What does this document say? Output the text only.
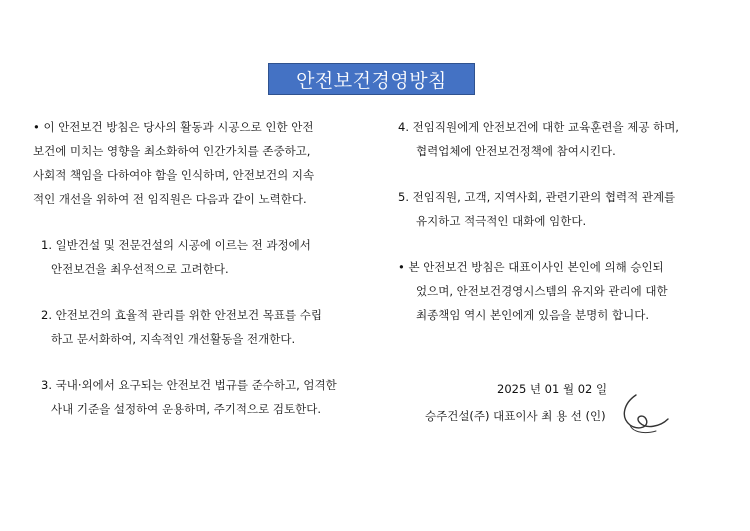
안전보건경영방침
• 이 안전보건 방침은 당사의 활동과 시공으로 인한 안전
보건에 미치는 영향을 최소화하여 인간가치를 존중하고,
사회적 책임을 다하여야 함을 인식하며, 안전보건의 지속
적인 개선을 위하여 전 임직원은 다음과 같이 노력한다.
1. 일반건설 및 전문건설의 시공에 이르는 전 과정에서
안전보건을 최우선적으로 고려한다.
2. 안전보건의 효율적 관리를 위한 안전보건 목표를 수립
하고 문서화하여, 지속적인 개선활동을 전개한다.
3. 국내·외에서 요구되는 안전보건 법규를 준수하고, 엄격한
사내 기준을 설정하여 운용하며, 주기적으로 검토한다.
4. 전임직원에게 안전보건에 대한 교육훈련을 제공 하며,
협력업체에 안전보건정책에 참여시킨다.
5. 전임직원, 고객, 지역사회, 관련기관의 협력적 관계를
유지하고 적극적인 대화에 임한다.
• 본 안전보건 방침은 대표이사인 본인에 의해 승인되
었으며, 안전보건경영시스템의 유지와 관리에 대한
최종책임 역시 본인에게 있음을 분명히 합니다.
2025 년 01 월 02 일
승주건설(주) 대표이사 최 용 선 (인)
